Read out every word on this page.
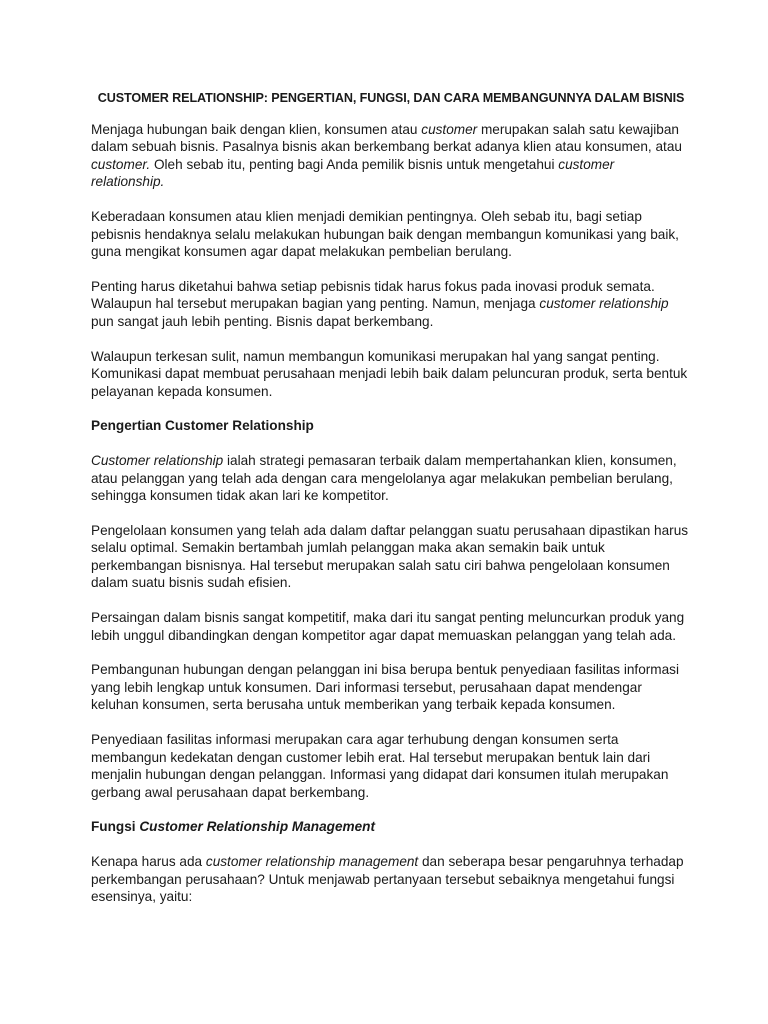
CUSTOMER RELATIONSHIP: PENGERTIAN, FUNGSI, DAN CARA MEMBANGUNNYA DALAM BISNIS
Menjaga hubungan baik dengan klien, konsumen atau customer merupakan salah satu kewajiban dalam sebuah bisnis. Pasalnya bisnis akan berkembang berkat adanya klien atau konsumen, atau customer. Oleh sebab itu, penting bagi Anda pemilik bisnis untuk mengetahui customer relationship.
Keberadaan konsumen atau klien menjadi demikian pentingnya. Oleh sebab itu, bagi setiap pebisnis hendaknya selalu melakukan hubungan baik dengan membangun komunikasi yang baik, guna mengikat konsumen agar dapat melakukan pembelian berulang.
Penting harus diketahui bahwa setiap pebisnis tidak harus fokus pada inovasi produk semata. Walaupun hal tersebut merupakan bagian yang penting. Namun, menjaga customer relationship pun sangat jauh lebih penting. Bisnis dapat berkembang.
Walaupun terkesan sulit, namun membangun komunikasi merupakan hal yang sangat penting. Komunikasi dapat membuat perusahaan menjadi lebih baik dalam peluncuran produk, serta bentuk pelayanan kepada konsumen.
Pengertian Customer Relationship
Customer relationship ialah strategi pemasaran terbaik dalam mempertahankan klien, konsumen, atau pelanggan yang telah ada dengan cara mengelolanya agar melakukan pembelian berulang, sehingga konsumen tidak akan lari ke kompetitor.
Pengelolaan konsumen yang telah ada dalam daftar pelanggan suatu perusahaan dipastikan harus selalu optimal. Semakin bertambah jumlah pelanggan maka akan semakin baik untuk perkembangan bisnisnya. Hal tersebut merupakan salah satu ciri bahwa pengelolaan konsumen dalam suatu bisnis sudah efisien.
Persaingan dalam bisnis sangat kompetitif, maka dari itu sangat penting meluncurkan produk yang lebih unggul dibandingkan dengan kompetitor agar dapat memuaskan pelanggan yang telah ada.
Pembangunan hubungan dengan pelanggan ini bisa berupa bentuk penyediaan fasilitas informasi yang lebih lengkap untuk konsumen. Dari informasi tersebut, perusahaan dapat mendengar keluhan konsumen, serta berusaha untuk memberikan yang terbaik kepada konsumen.
Penyediaan fasilitas informasi merupakan cara agar terhubung dengan konsumen serta membangun kedekatan dengan customer lebih erat. Hal tersebut merupakan bentuk lain dari menjalin hubungan dengan pelanggan. Informasi yang didapat dari konsumen itulah merupakan gerbang awal perusahaan dapat berkembang.
Fungsi Customer Relationship Management
Kenapa harus ada customer relationship management dan seberapa besar pengaruhnya terhadap perkembangan perusahaan? Untuk menjawab pertanyaan tersebut sebaiknya mengetahui fungsi esensinya, yaitu:
